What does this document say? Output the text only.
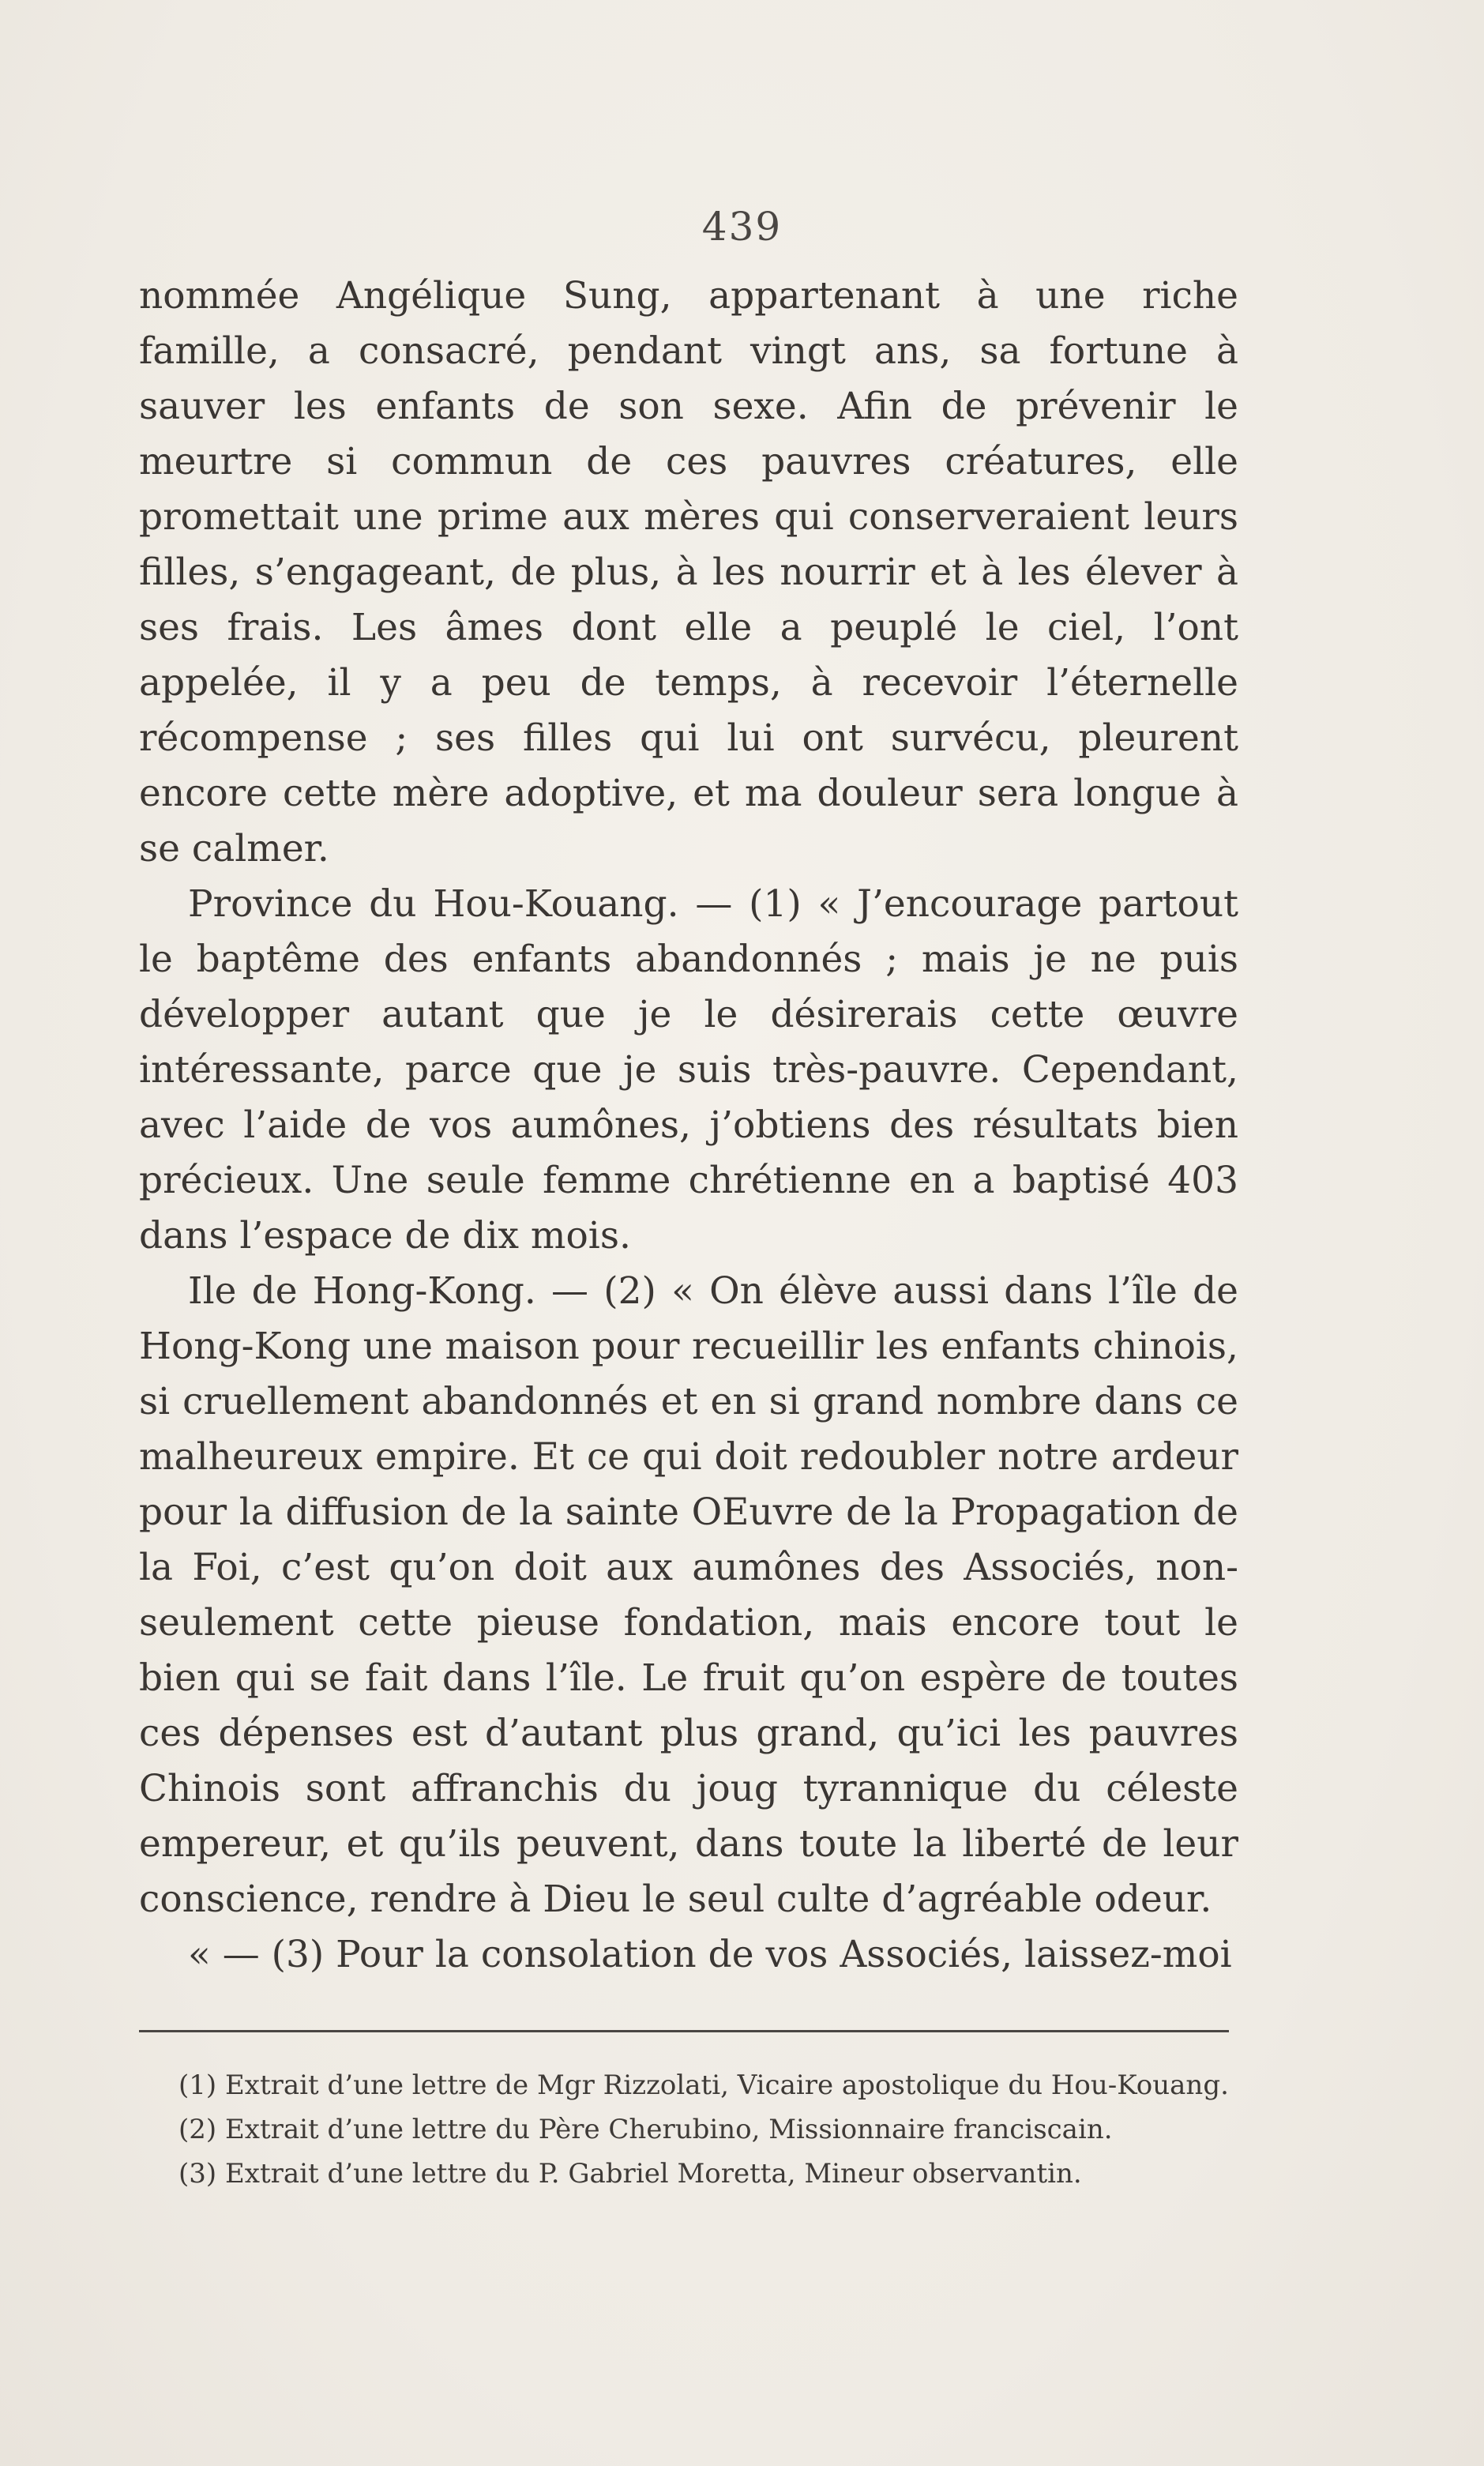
439

nommée Angélique Sung, appartenant à une riche famille, a consacré, pendant vingt ans, sa fortune à sauver les enfants de son sexe. Afin de prévenir le meurtre si commun de ces pauvres créatures, elle promettait une prime aux mères qui conserveraient leurs filles, s’engageant, de plus, à les nourrir et à les élever à ses frais. Les âmes dont elle a peuplé le ciel, l’ont appelée, il y a peu de temps, à recevoir l’éternelle récompense ; ses filles qui lui ont survécu, pleurent encore cette mère adoptive, et ma douleur sera longue à se calmer.

Province du Hou-Kouang. — (1) « J’encourage partout le baptême des enfants abandonnés ; mais je ne puis développer autant que je le désirerais cette œuvre intéressante, parce que je suis très-pauvre. Cependant, avec l’aide de vos aumônes, j’obtiens des résultats bien précieux. Une seule femme chrétienne en a baptisé 403 dans l’espace de dix mois.

Ile de Hong-Kong. — (2) « On élève aussi dans l’île de Hong-Kong une maison pour recueillir les enfants chinois, si cruellement abandonnés et en si grand nombre dans ce malheureux empire. Et ce qui doit redoubler notre ardeur pour la diffusion de la sainte OEuvre de la Propagation de la Foi, c’est qu’on doit aux aumônes des Associés, non-seulement cette pieuse fondation, mais encore tout le bien qui se fait dans l’île. Le fruit qu’on espère de toutes ces dépenses est d’autant plus grand, qu’ici les pauvres Chinois sont affranchis du joug tyrannique du céleste empereur, et qu’ils peuvent, dans toute la liberté de leur conscience, rendre à Dieu le seul culte d’agréable odeur.

« — (3) Pour la consolation de vos Associés, laissez-moi

(1) Extrait d’une lettre de Mgr Rizzolati, Vicaire apostolique du Hou-Kouang.

(2) Extrait d’une lettre du Père Cherubino, Missionnaire franciscain.

(3) Extrait d’une lettre du P. Gabriel Moretta, Mineur observantin.
